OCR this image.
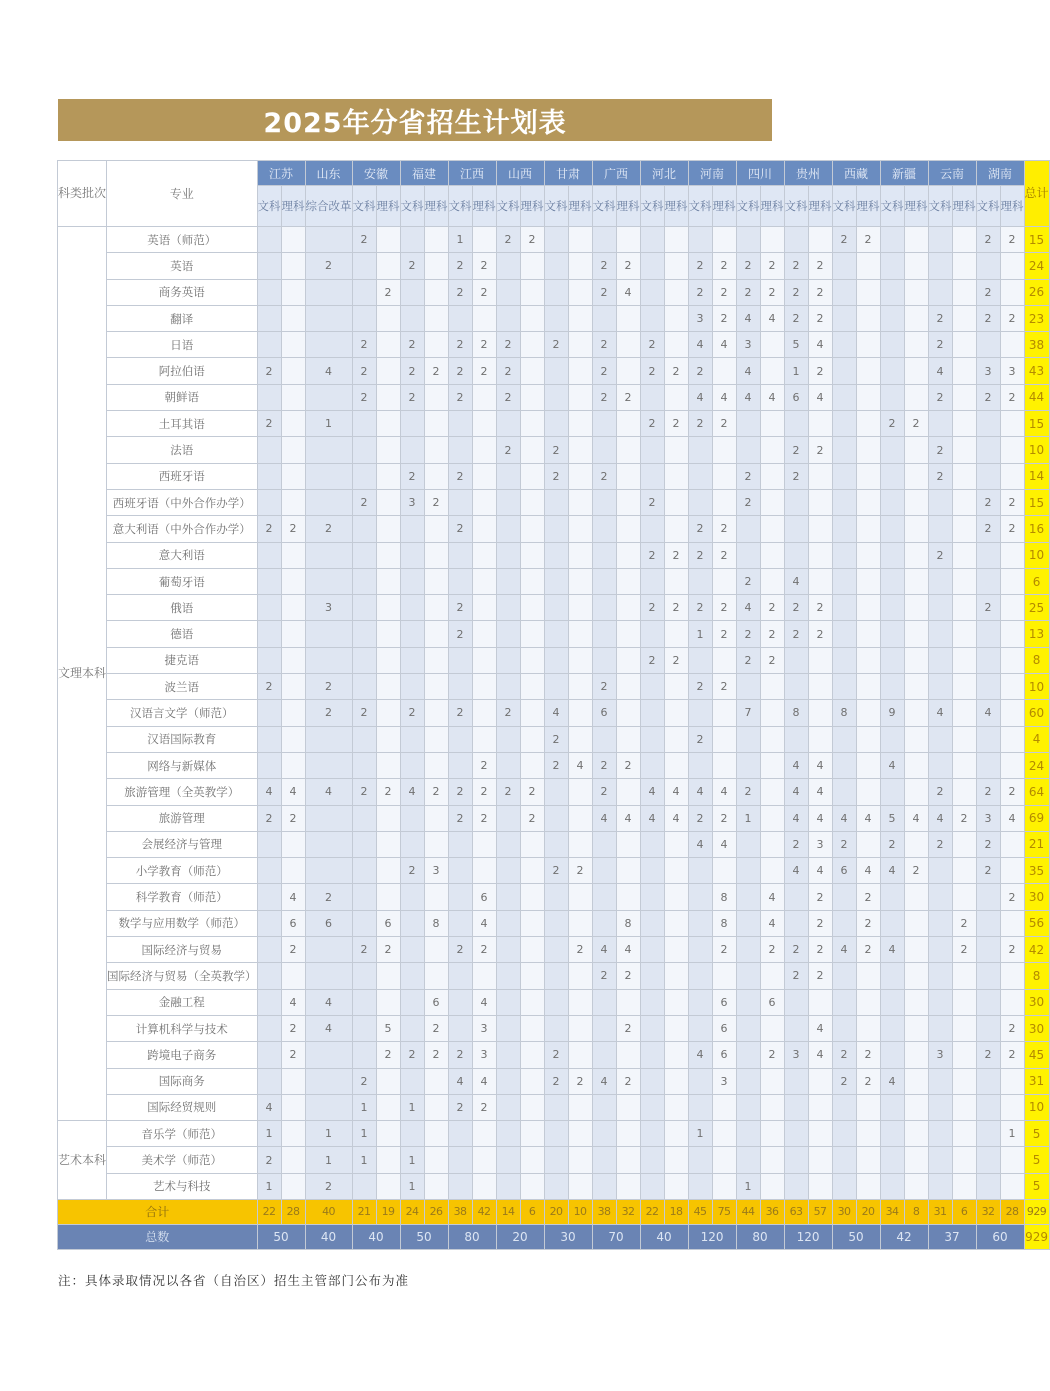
2025年分省招生计划表
科类批次	专业	江苏		山东	安徽		福建		江西		山西		甘肃		广西		河北		河南		四川		贵州		西藏		新疆		云南		湖南		总计
		文科	理科	综合改革	文科	理科	文科	理科	文科	理科	文科	理科	文科	理科	文科	理科	文科	理科	文科	理科	文科	理科	文科	理科	文科	理科	文科	理科	文科	理科	文科	理科	
文理本科	英语（师范）				2				1		2	2													2	2					2	2	15
	英语			2			2		2	2					2	2			2	2	2	2	2	2									24
	商务英语					2			2	2					2	4			2	2	2	2	2	2							2		26
	翻译																		3	2	4	4	2	2					2		2	2	23
	日语				2		2		2	2	2		2		2		2		4	4	3		5	4					2				38
	阿拉伯语	2		4	2		2	2	2	2	2				2		2	2	2		4		1	2					4		3	3	43
	朝鲜语				2		2		2		2				2	2			4	4	4	4	6	4					2		2	2	44
	土耳其语	2		1													2	2	2	2							2	2					15
	法语										2		2										2	2					2				10
	西班牙语						2		2				2		2						2		2						2				14
	西班牙语（中外合作办学）				2		3	2									2				2										2	2	15
	意大利语（中外合作办学）	2	2	2					2										2	2											2	2	16
	意大利语																2	2	2	2									2				10
	葡萄牙语																				2		4										6
	俄语			3					2								2	2	2	2	4	2	2	2							2		25
	德语								2										1	2	2	2	2	2									13
	捷克语																2	2			2	2											8
	波兰语	2		2											2				2	2													10
	汉语言文学（师范）			2	2		2		2		2		4		6						7		8		8		9		4		4		60
	汉语国际教育												2						2														4
	网络与新媒体									2			2	4	2	2							4	4			4						24
	旅游管理（全英教学）	4	4	4	2	2	4	2	2	2	2	2			2		4	4	4	4	2		4	4					2		2	2	64
	旅游管理	2	2						2	2		2			4	4	4	4	2	2	1		4	4	4	4	5	4	4	2	3	4	69
	会展经济与管理																		4	4			2	3	2		2		2		2		21
	小学教育（师范）						2	3					2	2									4	4	6	4	4	2			2		35
	科学教育（师范）		4	2						6										8		4		2		2						2	30
	数学与应用数学（师范）		6	6		6		8		4						8				8		4		2		2				2			56
	国际经济与贸易		2		2	2			2	2				2	4	4				2		2	2	2	4	2	4			2		2	42
	国际经济与贸易（全英教学）														2	2							2	2									8
	金融工程		4	4				6		4										6		6											30
	计算机科学与技术		2	4		5		2		3						2				6				4								2	30
	跨境电子商务		2			2	2	2	2	3			2						4	6		2	3	4	2	2			3		2	2	45
	国际商务				2				4	4			2	2	4	2				3					2	2	4						31
	国际经贸规则	4			1		1		2	2																							10
艺术本科	音乐学（师范）	1		1	1														1													1	5
	美术学（师范）	2		1	1		1																										5
	艺术与科技	1		2			1														1												5
合计		22	28	40	21	19	24	26	38	42	14	6	20	10	38	32	22	18	45	75	44	36	63	57	30	20	34	8	31	6	32	28	929
总数		50		40	40		50		80		20		30		70		40		120		80		120		50		42		37		60		929
注：具体录取情况以各省（自治区）招生主管部门公布为准
